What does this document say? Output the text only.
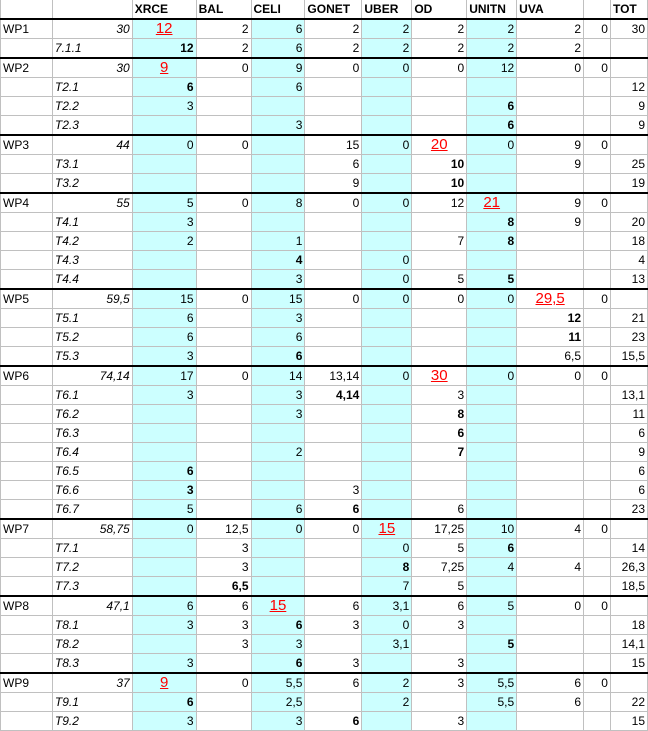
		XRCE	BAL	CELI	GONET	UBER	OD	UNITN	UVA		TOT
WP1	30	12	2	6	2	2	2	2	2	0	30
	7.1.1	12	2	6	2	2	2	2	2		
WP2	30	9	0	9	0	0	0	12	0	0	
	T2.1	6		6							12
	T2.2	3						6			9
	T2.3			3				6			9
WP3	44	0	0		15	0	20	0	9	0	
	T3.1				6		10		9		25
	T3.2				9		10				19
WP4	55	5	0	8	0	0	12	21	9	0	
	T4.1	3						8	9		20
	T4.2	2		1			7	8			18
	T4.3			4		0					4
	T4.4			3		0	5	5			13
WP5	59,5	15	0	15	0	0	0	0	29,5	0	
	T5.1	6		3					12		21
	T5.2	6		6					11		23
	T5.3	3		6					6,5		15,5
WP6	74,14	17	0	14	13,14	0	30	0	0	0	
	T6.1	3		3	4,14		3				13,1
	T6.2			3			8				11
	T6.3						6				6
	T6.4			2			7				9
	T6.5	6									6
	T6.6	3			3						6
	T6.7	5		6	6		6				23
WP7	58,75	0	12,5	0	0	15	17,25	10	4	0	
	T7.1		3			0	5	6			14
	T7.2		3			8	7,25	4	4		26,3
	T7.3		6,5			7	5				18,5
WP8	47,1	6	6	15	6	3,1	6	5	0	0	
	T8.1	3	3	6	3	0	3				18
	T8.2		3	3		3,1		5			14,1
	T8.3	3		6	3		3				15
WP9	37	9	0	5,5	6	2	3	5,5	6	0	
	T9.1	6		2,5		2		5,5	6		22
	T9.2	3		3	6		3				15
